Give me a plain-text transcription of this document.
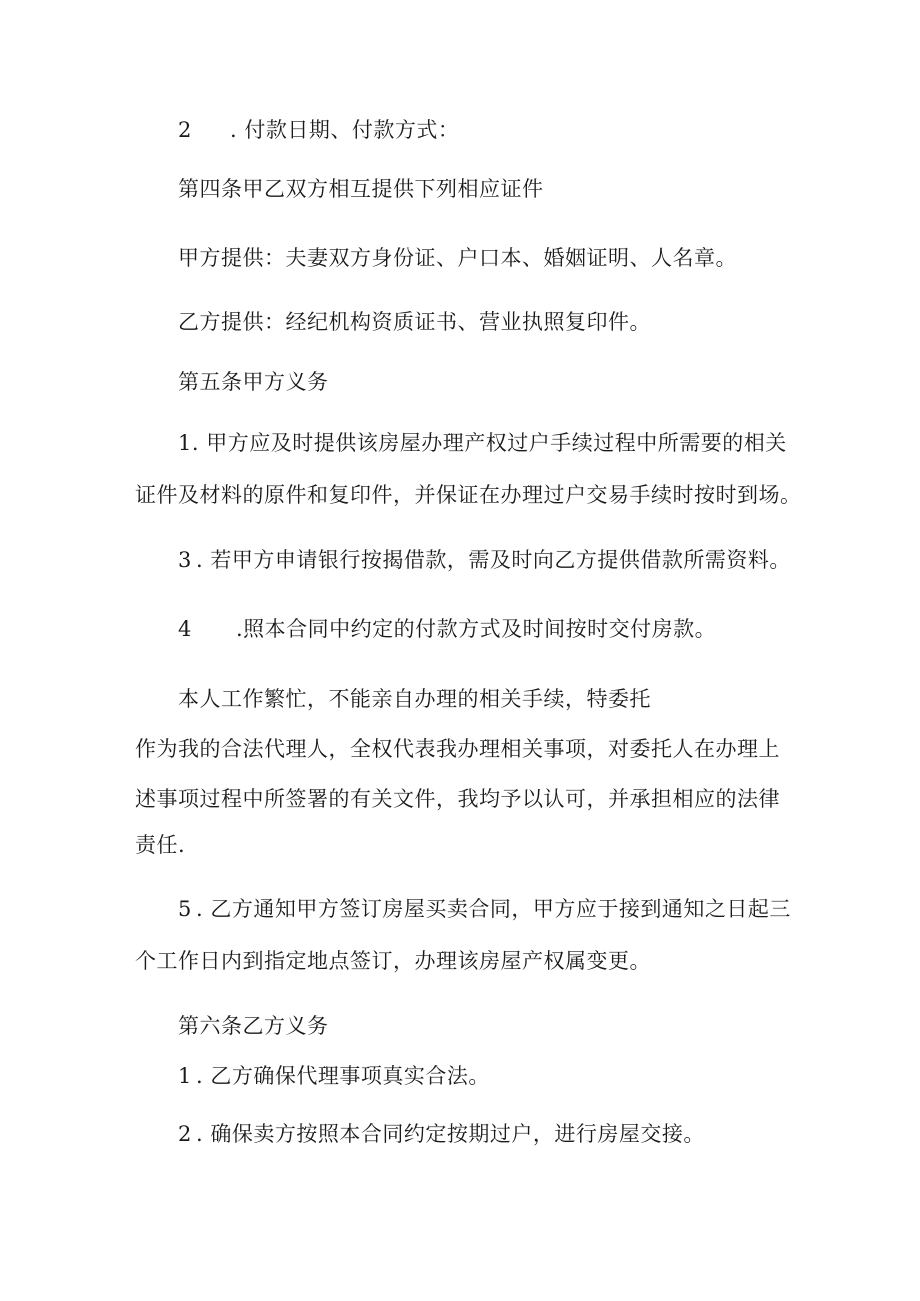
2 . 付款日期、付款方式：
第四条甲乙双方相互提供下列相应证件
甲方提供：夫妻双方身份证、户口本、婚姻证明、人名章。
乙方提供：经纪机构资质证书、营业执照复印件。
第五条甲方义务
1. 甲方应及时提供该房屋办理产权过户手续过程中所需要的相关
证件及材料的原件和复印件，并保证在办理过户交易手续时按时到场。
3 . 若甲方申请银行按揭借款，需及时向乙方提供借款所需资料。
4 .照本合同中约定的付款方式及时间按时交付房款。
本人工作繁忙，不能亲自办理的相关手续，特委托
作为我的合法代理人，全权代表我办理相关事项，对委托人在办理上
述事项过程中所签署的有关文件，我均予以认可，并承担相应的法律
责任.
5 . 乙方通知甲方签订房屋买卖合同，甲方应于接到通知之日起三
个工作日内到指定地点签订，办理该房屋产权属变更。
第六条乙方义务
1 . 乙方确保代理事项真实合法。
2 . 确保卖方按照本合同约定按期过户，进行房屋交接。
